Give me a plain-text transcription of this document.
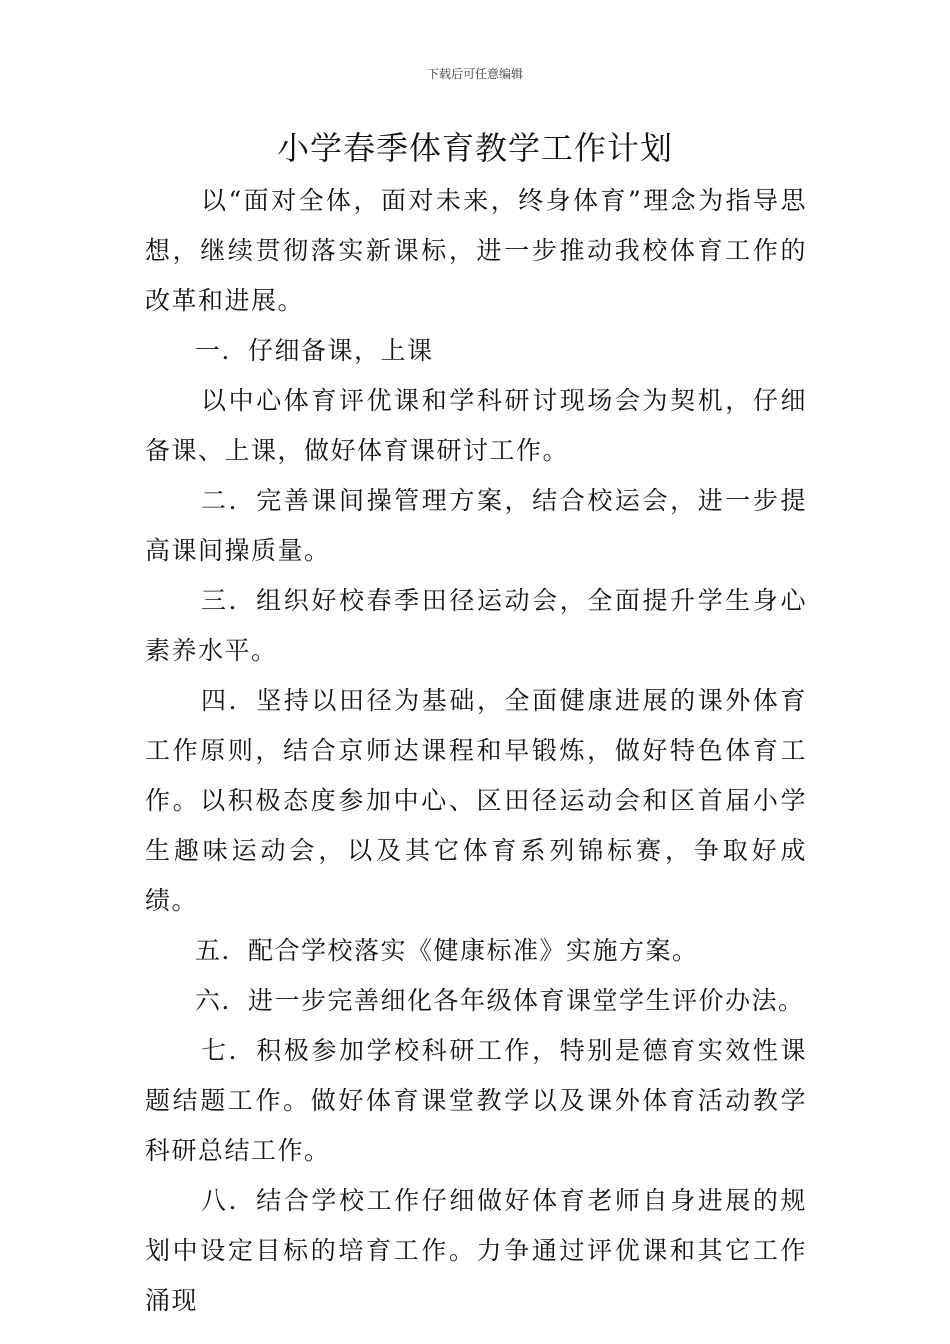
下载后可任意编辑
小学春季体育教学工作计划

以“面对全体，面对未来，终身体育”理念为指导思想，继续贯彻落实新课标，进一步推动我校体育工作的改革和进展。

一．仔细备课，上课

以中心体育评优课和学科研讨现场会为契机，仔细备课、上课，做好体育课研讨工作。

二．完善课间操管理方案，结合校运会，进一步提高课间操质量。

三．组织好校春季田径运动会，全面提升学生身心素养水平。

四．坚持以田径为基础，全面健康进展的课外体育工作原则，结合京师达课程和早锻炼，做好特色体育工作。以积极态度参加中心、区田径运动会和区首届小学生趣味运动会，以及其它体育系列锦标赛，争取好成绩。

五．配合学校落实《健康标准》实施方案。

六．进一步完善细化各年级体育课堂学生评价办法。

七．积极参加学校科研工作，特别是德育实效性课题结题工作。做好体育课堂教学以及课外体育活动教学科研总结工作。

八．结合学校工作仔细做好体育老师自身进展的规划中设定目标的培育工作。力争通过评优课和其它工作涌现
